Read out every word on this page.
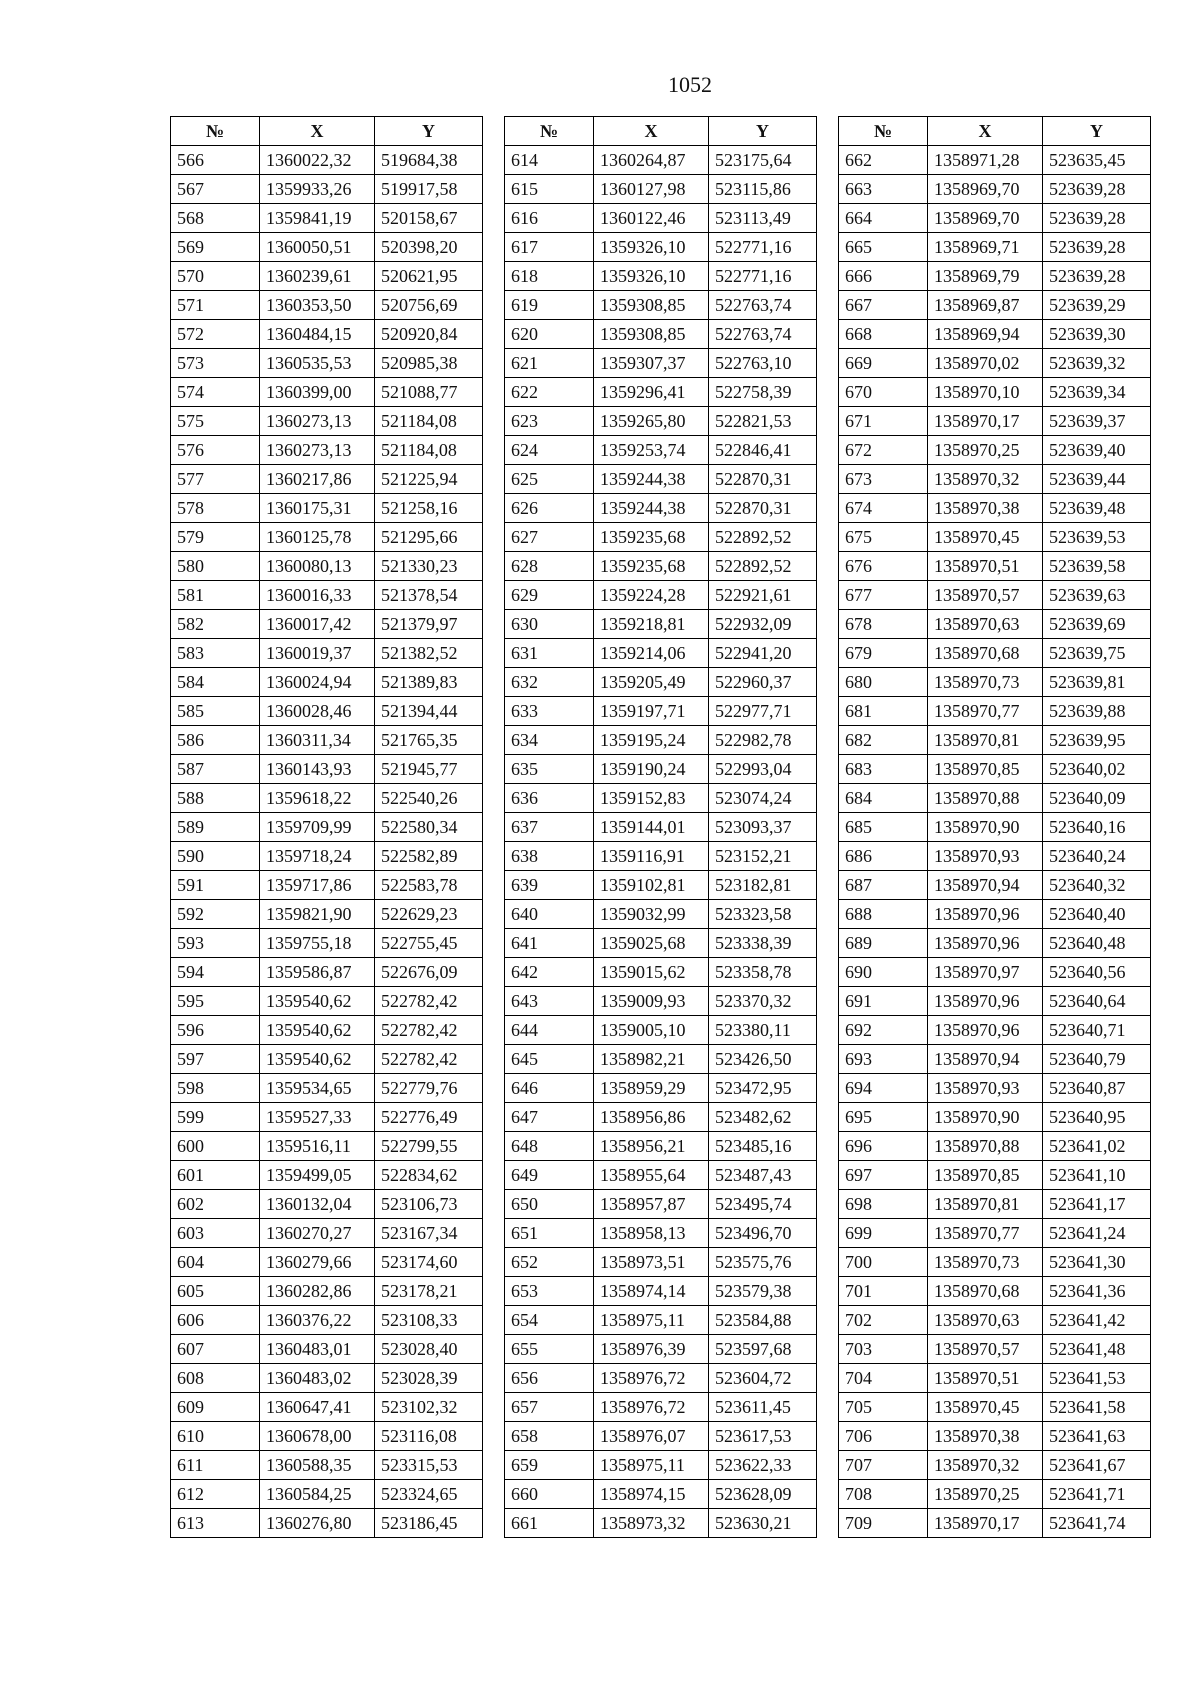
1052
№	X	Y
566	1360022,32	519684,38
567	1359933,26	519917,58
568	1359841,19	520158,67
569	1360050,51	520398,20
570	1360239,61	520621,95
571	1360353,50	520756,69
572	1360484,15	520920,84
573	1360535,53	520985,38
574	1360399,00	521088,77
575	1360273,13	521184,08
576	1360273,13	521184,08
577	1360217,86	521225,94
578	1360175,31	521258,16
579	1360125,78	521295,66
580	1360080,13	521330,23
581	1360016,33	521378,54
582	1360017,42	521379,97
583	1360019,37	521382,52
584	1360024,94	521389,83
585	1360028,46	521394,44
586	1360311,34	521765,35
587	1360143,93	521945,77
588	1359618,22	522540,26
589	1359709,99	522580,34
590	1359718,24	522582,89
591	1359717,86	522583,78
592	1359821,90	522629,23
593	1359755,18	522755,45
594	1359586,87	522676,09
595	1359540,62	522782,42
596	1359540,62	522782,42
597	1359540,62	522782,42
598	1359534,65	522779,76
599	1359527,33	522776,49
600	1359516,11	522799,55
601	1359499,05	522834,62
602	1360132,04	523106,73
603	1360270,27	523167,34
604	1360279,66	523174,60
605	1360282,86	523178,21
606	1360376,22	523108,33
607	1360483,01	523028,40
608	1360483,02	523028,39
609	1360647,41	523102,32
610	1360678,00	523116,08
611	1360588,35	523315,53
612	1360584,25	523324,65
613	1360276,80	523186,45
№	X	Y
614	1360264,87	523175,64
615	1360127,98	523115,86
616	1360122,46	523113,49
617	1359326,10	522771,16
618	1359326,10	522771,16
619	1359308,85	522763,74
620	1359308,85	522763,74
621	1359307,37	522763,10
622	1359296,41	522758,39
623	1359265,80	522821,53
624	1359253,74	522846,41
625	1359244,38	522870,31
626	1359244,38	522870,31
627	1359235,68	522892,52
628	1359235,68	522892,52
629	1359224,28	522921,61
630	1359218,81	522932,09
631	1359214,06	522941,20
632	1359205,49	522960,37
633	1359197,71	522977,71
634	1359195,24	522982,78
635	1359190,24	522993,04
636	1359152,83	523074,24
637	1359144,01	523093,37
638	1359116,91	523152,21
639	1359102,81	523182,81
640	1359032,99	523323,58
641	1359025,68	523338,39
642	1359015,62	523358,78
643	1359009,93	523370,32
644	1359005,10	523380,11
645	1358982,21	523426,50
646	1358959,29	523472,95
647	1358956,86	523482,62
648	1358956,21	523485,16
649	1358955,64	523487,43
650	1358957,87	523495,74
651	1358958,13	523496,70
652	1358973,51	523575,76
653	1358974,14	523579,38
654	1358975,11	523584,88
655	1358976,39	523597,68
656	1358976,72	523604,72
657	1358976,72	523611,45
658	1358976,07	523617,53
659	1358975,11	523622,33
660	1358974,15	523628,09
661	1358973,32	523630,21
№	X	Y
662	1358971,28	523635,45
663	1358969,70	523639,28
664	1358969,70	523639,28
665	1358969,71	523639,28
666	1358969,79	523639,28
667	1358969,87	523639,29
668	1358969,94	523639,30
669	1358970,02	523639,32
670	1358970,10	523639,34
671	1358970,17	523639,37
672	1358970,25	523639,40
673	1358970,32	523639,44
674	1358970,38	523639,48
675	1358970,45	523639,53
676	1358970,51	523639,58
677	1358970,57	523639,63
678	1358970,63	523639,69
679	1358970,68	523639,75
680	1358970,73	523639,81
681	1358970,77	523639,88
682	1358970,81	523639,95
683	1358970,85	523640,02
684	1358970,88	523640,09
685	1358970,90	523640,16
686	1358970,93	523640,24
687	1358970,94	523640,32
688	1358970,96	523640,40
689	1358970,96	523640,48
690	1358970,97	523640,56
691	1358970,96	523640,64
692	1358970,96	523640,71
693	1358970,94	523640,79
694	1358970,93	523640,87
695	1358970,90	523640,95
696	1358970,88	523641,02
697	1358970,85	523641,10
698	1358970,81	523641,17
699	1358970,77	523641,24
700	1358970,73	523641,30
701	1358970,68	523641,36
702	1358970,63	523641,42
703	1358970,57	523641,48
704	1358970,51	523641,53
705	1358970,45	523641,58
706	1358970,38	523641,63
707	1358970,32	523641,67
708	1358970,25	523641,71
709	1358970,17	523641,74
